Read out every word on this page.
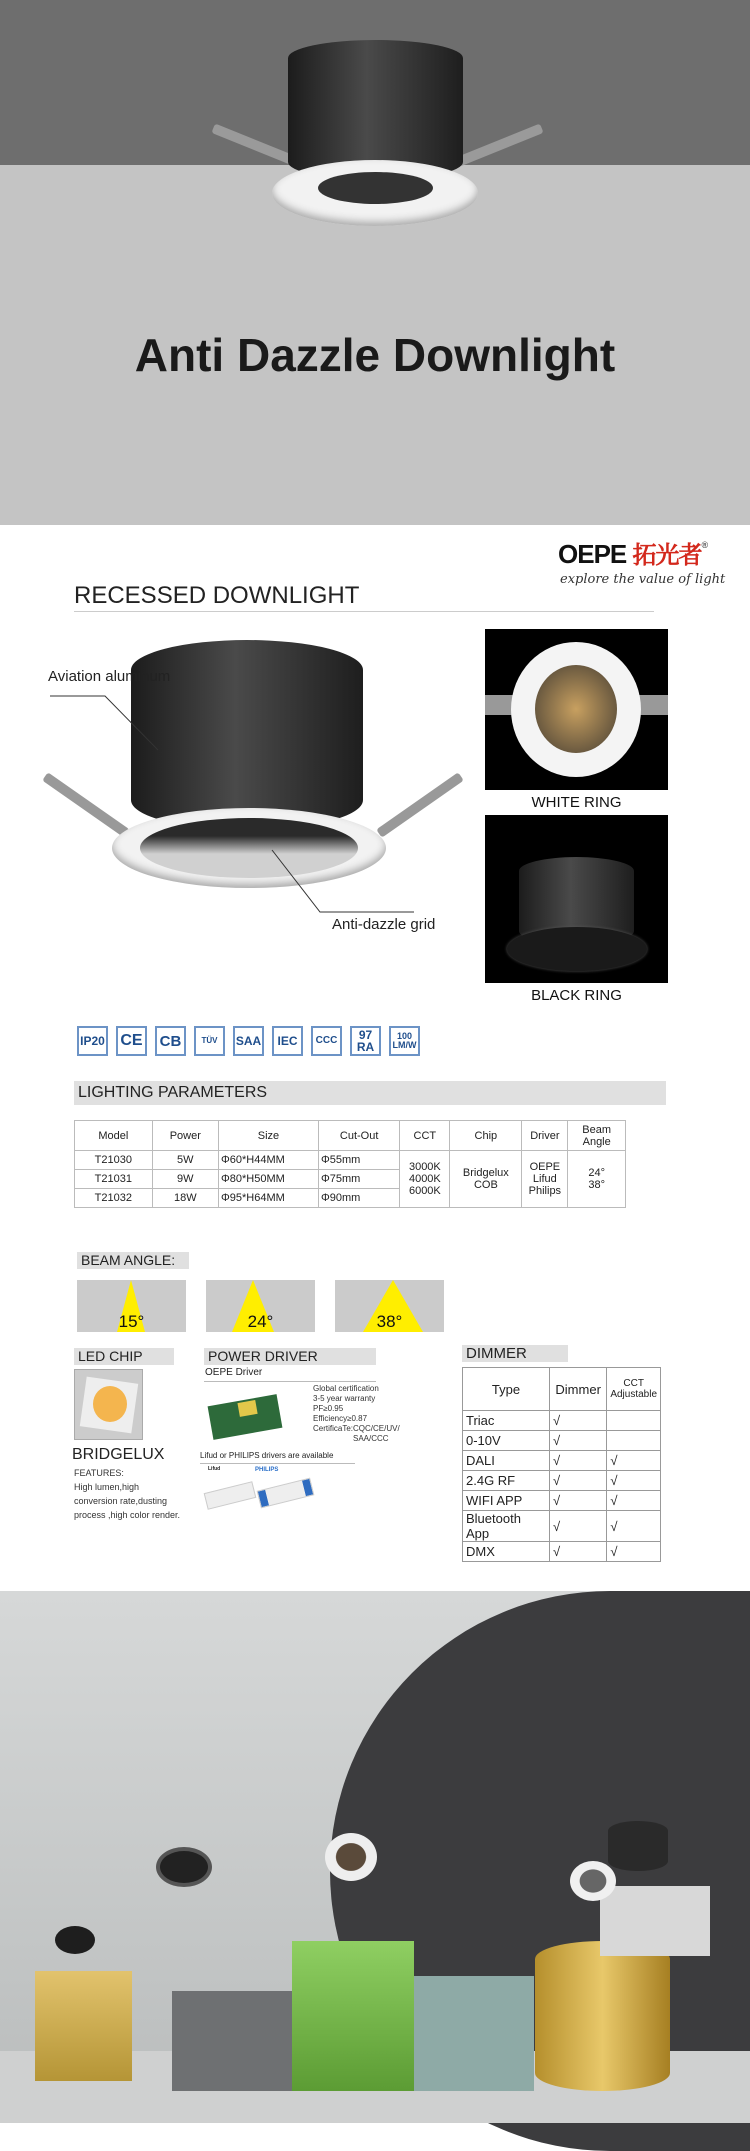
Anti Dazzle Downlight
OEPE 拓光者®
explore the value of light
RECESSED DOWNLIGHT
Aviation aluminum
Anti-dazzle grid
WHITE RING
BLACK RING
IP20 CE	CB	TÜV	SAA	IEC	CCC	97 RA
100 LM/W
LIGHTING PARAMETERS
Model	Power	Size	Cut-Out	CCT	Chip	Driver	Beam Angle
T21030	5W	Φ60*H44MM	Φ55mm	3000K 4000K 6000K	Bridgelux COB	OEPE Lifud Philips	24° 38°
T21031	9W	Φ80*H50MM	Φ75mm				
T21032	18W	Φ95*H64MM	Φ90mm				
BEAM ANGLE:
15°	24°	38°
LED CHIP
BRIDGELUX
FEATURES:
High lumen,high conversion rate,dusting process ,high color render.
POWER DRIVER
OEPE Driver
Global certification
3-5 year warranty
PF≥0.95
Efficiency≥0.87
CertificaTe:CQC/CE/UV/
SAA/CCC
Lifud or PHILIPS drivers are available
Lifud	PHILIPS
DIMMER
Type	Dimmer	CCT Adjustable
Triac	√	
0-10V	√	
DALI	√	√
2.4G RF	√	√
WIFI APP	√	√
Bluetooth App	√	√
DMX	√	√
